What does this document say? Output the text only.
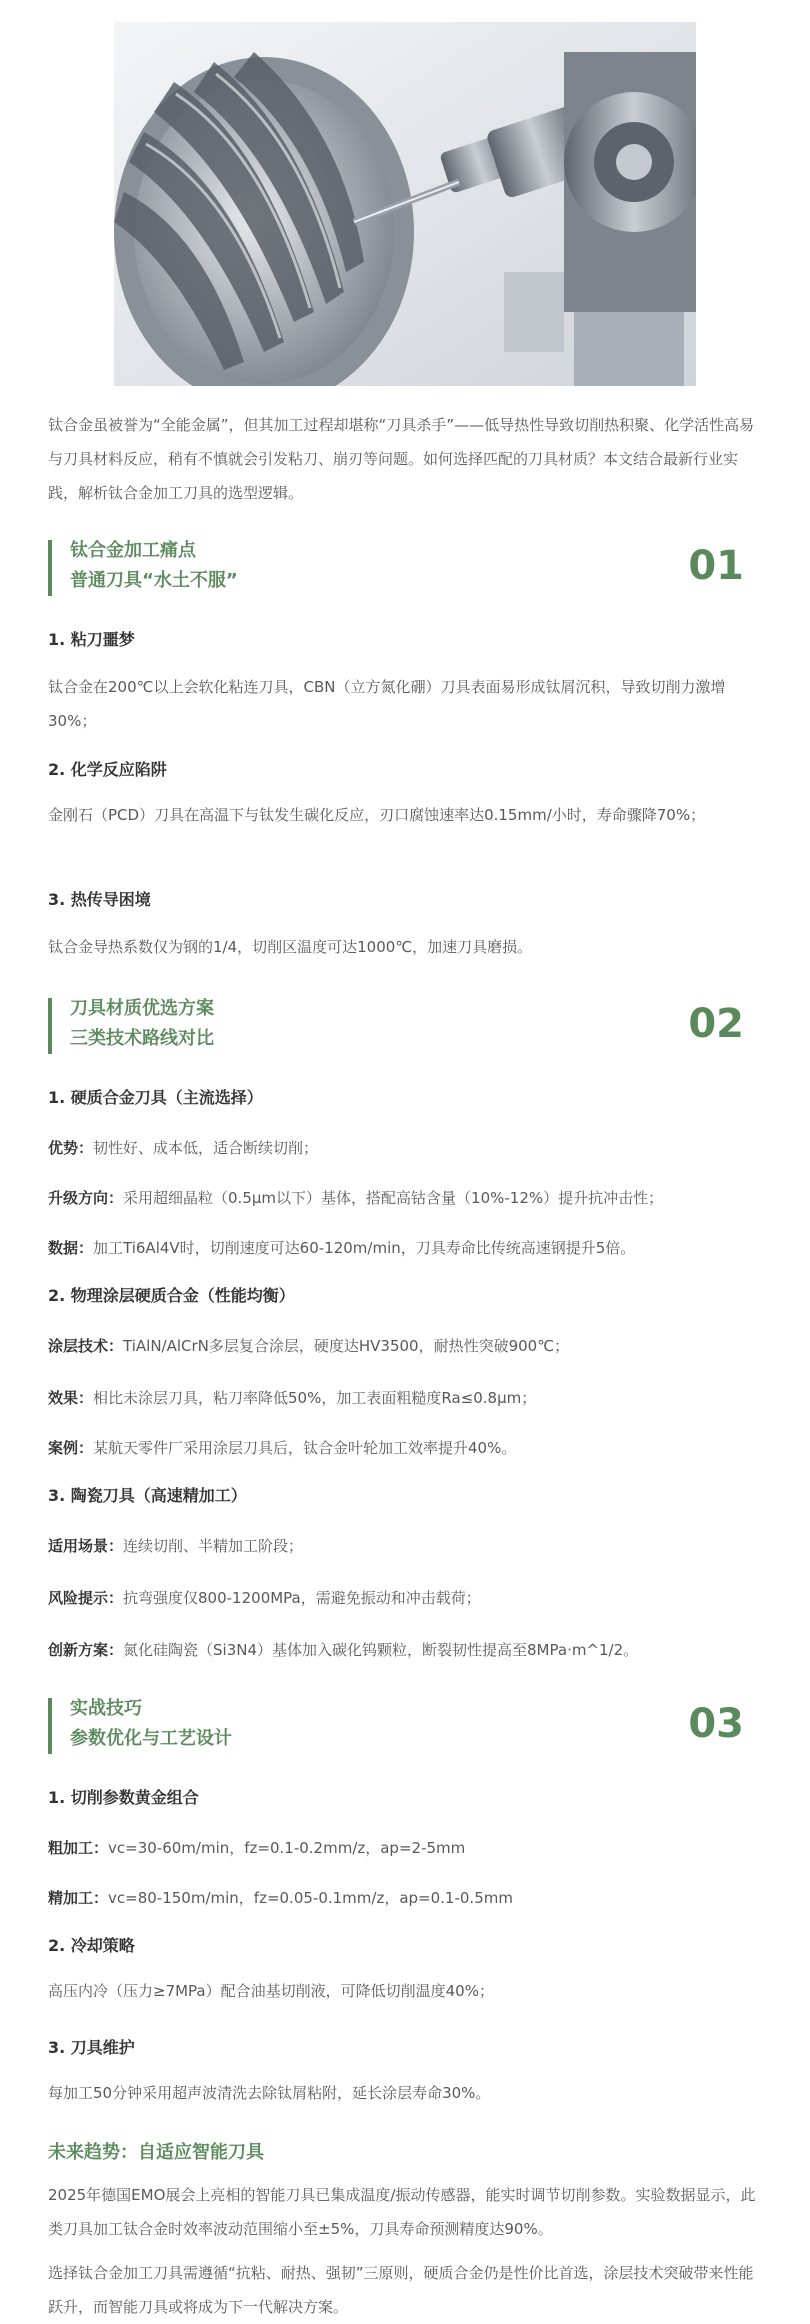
钛合金虽被誉为“全能金属”，但其加工过程却堪称“刀具杀手”——低导热性导致切削热积聚、化学活性高易与刀具材料反应，稍有不慎就会引发粘刀、崩刃等问题。如何选择匹配的刀具材质？本文结合最新行业实践，解析钛合金加工刀具的选型逻辑。

钛合金加工痛点
普通刀具“水土不服”	01
1. 粘刀噩梦

钛合金在200℃以上会软化粘连刀具，CBN（立方氮化硼）刀具表面易形成钛屑沉积，导致切削力激增30%；

2. 化学反应陷阱

金刚石（PCD）刀具在高温下与钛发生碳化反应，刃口腐蚀速率达0.15mm/小时，寿命骤降70%；

3. 热传导困境

钛合金导热系数仅为钢的1/4，切削区温度可达1000℃，加速刀具磨损。

刀具材质优选方案
三类技术路线对比	02
1. 硬质合金刀具（主流选择）

优势：韧性好、成本低，适合断续切削；

升级方向：采用超细晶粒（0.5μm以下）基体，搭配高钴含量（10%-12%）提升抗冲击性；

数据：加工Ti6Al4V时，切削速度可达60-120m/min，刀具寿命比传统高速钢提升5倍。

2. 物理涂层硬质合金（性能均衡）

涂层技术：TiAlN/AlCrN多层复合涂层，硬度达HV3500，耐热性突破900℃；

效果：相比未涂层刀具，粘刀率降低50%，加工表面粗糙度Ra≤0.8μm；

案例：某航天零件厂采用涂层刀具后，钛合金叶轮加工效率提升40%。

3. 陶瓷刀具（高速精加工）

适用场景：连续切削、半精加工阶段；

风险提示：抗弯强度仅800-1200MPa，需避免振动和冲击载荷；

创新方案：氮化硅陶瓷（Si3N4）基体加入碳化钨颗粒，断裂韧性提高至8MPa·m^1/2。

实战技巧
参数优化与工艺设计	03
1. 切削参数黄金组合

粗加工：vc=30-60m/min，fz=0.1-0.2mm/z，ap=2-5mm

精加工：vc=80-150m/min，fz=0.05-0.1mm/z，ap=0.1-0.5mm

2. 冷却策略

高压内冷（压力≥7MPa）配合油基切削液，可降低切削温度40%；

3. 刀具维护

每加工50分钟采用超声波清洗去除钛屑粘附，延长涂层寿命30%。

未来趋势：自适应智能刀具

2025年德国EMO展会上亮相的智能刀具已集成温度/振动传感器，能实时调节切削参数。实验数据显示，此类刀具加工钛合金时效率波动范围缩小至±5%，刀具寿命预测精度达90%。

选择钛合金加工刀具需遵循“抗粘、耐热、强韧”三原则，硬质合金仍是性价比首选，涂层技术突破带来性能跃升，而智能刀具或将成为下一代解决方案。
